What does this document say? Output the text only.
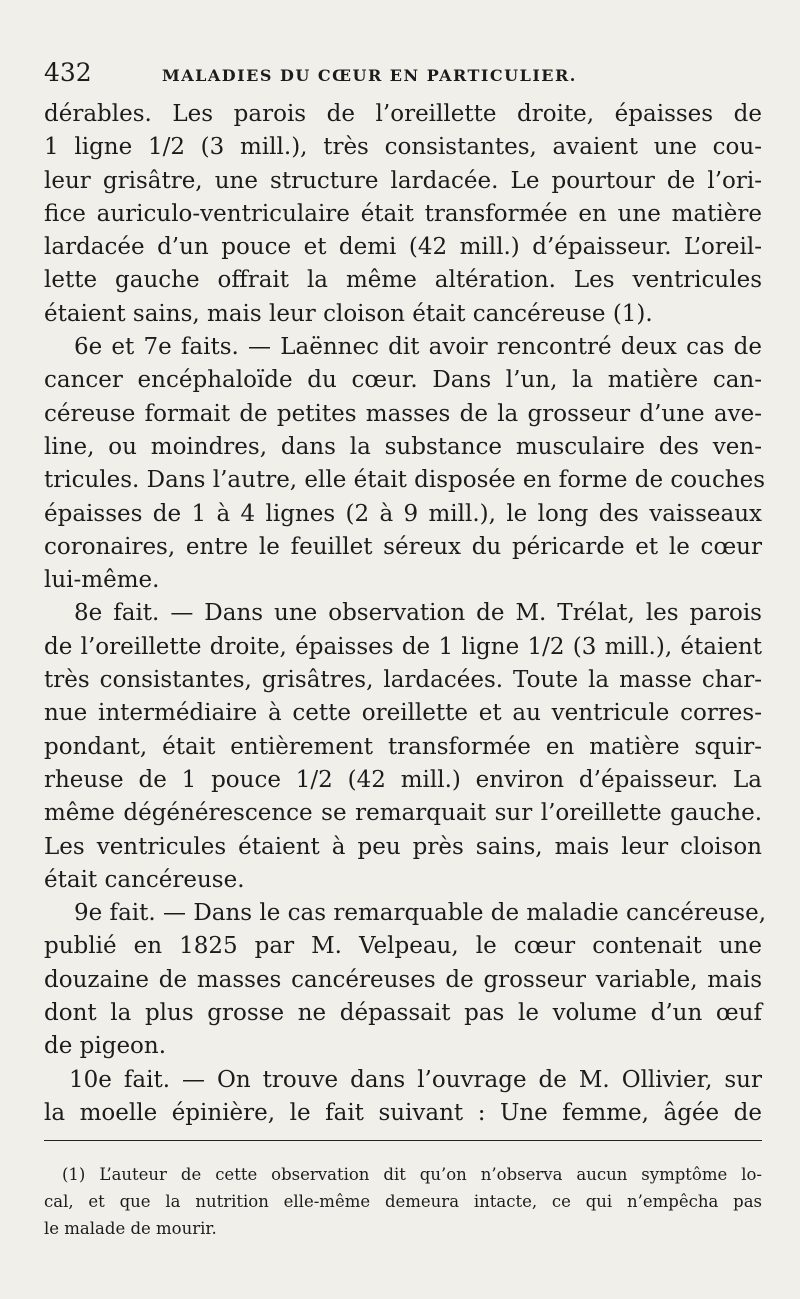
432	MALADIES DU CŒUR EN PARTICULIER.
dérables. Les parois de l’oreillette droite, épaisses de
1 ligne 1/2 (3 mill.), très consistantes, avaient une cou-
leur grisâtre, une structure lardacée. Le pourtour de l’ori-
fice auriculo-ventriculaire était transformée en une matière
lardacée d’un pouce et demi (42 mill.) d’épaisseur. L’oreil-
lette gauche offrait la même altération. Les ventricules
étaient sains, mais leur cloison était cancéreuse (1).
6e et 7e faits. — Laënnec dit avoir rencontré deux cas de
cancer encéphaloïde du cœur. Dans l’un, la matière can-
céreuse formait de petites masses de la grosseur d’une ave-
line, ou moindres, dans la substance musculaire des ven-
tricules. Dans l’autre, elle était disposée en forme de couches
épaisses de 1 à 4 lignes (2 à 9 mill.), le long des vaisseaux
coronaires, entre le feuillet séreux du péricarde et le cœur
lui-même.
8e fait. — Dans une observation de M. Trélat, les parois
de l’oreillette droite, épaisses de 1 ligne 1/2 (3 mill.), étaient
très consistantes, grisâtres, lardacées. Toute la masse char-
nue intermédiaire à cette oreillette et au ventricule corres-
pondant, était entièrement transformée en matière squir-
rheuse de 1 pouce 1/2 (42 mill.) environ d’épaisseur. La
même dégénérescence se remarquait sur l’oreillette gauche.
Les ventricules étaient à peu près sains, mais leur cloison
était cancéreuse.
9e fait. — Dans le cas remarquable de maladie cancéreuse,
publié en 1825 par M. Velpeau, le cœur contenait une
douzaine de masses cancéreuses de grosseur variable, mais
dont la plus grosse ne dépassait pas le volume d’un œuf
de pigeon.
10e fait. — On trouve dans l’ouvrage de M. Ollivier, sur
la moelle épinière, le fait suivant : Une femme, âgée de
(1) L’auteur de cette observation dit qu’on n’observa aucun symptôme lo-
cal, et que la nutrition elle-même demeura intacte, ce qui n’empêcha pas
le malade de mourir.
